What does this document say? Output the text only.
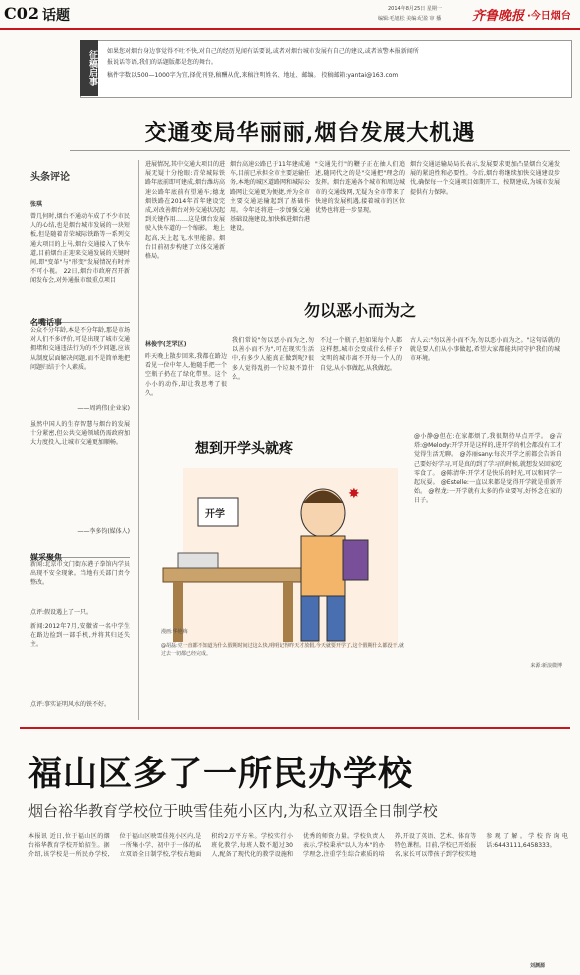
C02 话题	2014年8月25日 星期一
编辑:毛旭松 美编:纪盈 审 播	齐鲁晚报 ·今日烟台
征稿启事 如果您对烟台身边事觉得不吐不快,对自己的经历见闻有话要说,或者对烟台城市发展有自己的建议,或者该警本报新闻所
报说话等语,我们的话题版都是您的舞台。
稿件字数以500—1000字为宜,择优刊登,稿酬从优,来稿注明姓名、地址、邮编。 投稿邮箱:yantai@163.com
交通变局华丽丽,烟台发展大机遇
头条评论
张琪
曾几何时,烟台不通动车成了不少市民人的心结,也是烟台城市发展的一块短板,但是随着青荣城际铁路等一系列交通大项目的上马,烟台交通接入了快车道,目前烟台正迎来交通发展的关键时间,即"变革"与"形变"发展情况有时并不可小视。 22日,烟台市政府召开新闻发布会,对外通报市级重点项目
名嘴话事
公众不分年龄,本是不分年龄,那是市场对人们不多评价,可是出现了城市交通拥堵和交通违法行为的不少问题,应该从制度层面解决问题,而不是简单地把问题归结于个人素质。
——周鸿伟(企业家)
虽然中国人的生存智慧与烟台的发展十分紧密,但公共交通领域仍需政府加大力度投入,让城市交通更加顺畅。
——李多钧(媒体人)
媒采聚焦
新闻:北京市文门街东港子拳馆内学员出现不安全现象。当地有关部门责令整改。
点评:假设遇上了一只。
新闻:2012年7月,安徽省一名中学生在路边捡到一部手机,并将其归还失主。
点评:事实证明风水的铁不好。
进展情况,其中交通大项目的进展无疑十分抢眼:青荣城际铁路年底前即可建成,烟台潍坊高速公路年底前有望通车;德龙烟铁路在2014年首年建设完成,对改善烟台对外交通状况起到关键作用……这是烟台发展驶入快车道的一个缩影。 地上起高,天上起飞,水里能游。烟台目前初步构建了立体交通新格局。
烟台高速公路已于11年建成通车,目前已承担全市主要运输任务,本地的城区道路网和城际公路网让交通更为便捷,并为全市主要交通运输起到了基础作用。今年还将进一步加强交通基础设施建设,加快推进烟台港建设。
"交通先行"的鞭子正在抽人们追述,随同代之的是"交通把"理念的发挥。烟台连通各个城市和周边城市的交通线网,无疑为全市带来了快速的发展机遇,接着城市的区位优势也将进一步显现。
烟台交通运输局局长表示,发展要求更加凸显烟台交通发展的紧迫性和必要性。今后,烟台将继续加快交通建设步伐,确保每一个交通项目如期开工、按期建成,为城市发展提供有力保障。
勿以恶小而为之
林俊宇(芝罘区)
昨天晚上散步回来,我都在路边看见一位中年人,他随手把一个空瓶子扔在了绿化带里。这个小小的动作,却让我思考了很久。
我们常说"勿以恶小而为之,勿以善小而不为",可在现实生活中,有多少人能真正做到呢?很多人觉得乱扔一个垃圾不算什么。
不过一个瓶子,但如果每个人都这样想,城市会变成什么样子?文明的城市离不开每一个人的自觉,从小事做起,从我做起。
古人云:"勿以善小而不为,勿以恶小而为之。"这句话就的就是要人们从小事做起,希望大家都能共同守护我们的城市环境。
想到开学头就疼
开学
✸
漫画:华艳梅
@胡磊:党一直都不知道为什么假期时间过这么快,明明记得昨天才放假,今天就要开学了,这个假期什么都没干,就过去一切都已经完成。
@小静@但在:在家都烦了,我很期待早点开学。 @吉塔:@Melody:开学开是这样的,进开学的机会都没有工才觉得生活无聊。 @苏丽sany:每次开学之前都会告诉自己要好好学习,可是真的到了学习的时候,就想发呆回家吃零食了。 @陈清华:开学才是快乐的时光,可以和同学一起玩耍。 @Estelle:一直以来都是觉得开学就是重新开始。 @程龙:一开学就有太多的作业要写,好怀念在家的日子。
来源:新浪微博
福山区多了一所民办学校
烟台裕华教育学校位于映雪佳苑小区内,为私立双语全日制学校
本报讯 近日,位于福山区的烟台裕华教育学校开始招生。据介绍,该学校是一所民办学校,位于福山区映雪佳苑小区内,是一所集小学、初中于一体的私立双语全日制学校,学校占地面积约2万平方米。学校实行小班化教学,每班人数不超过30人,配备了现代化的教学设施和优秀的师资力量。学校负责人表示,学校秉承"以人为本"的办学理念,注重学生综合素质的培养,开设了英语、艺术、体育等特色课程。目前,学校已开始报名,家长可以带孩子到学校实地参观了解。学校咨询电话:6443111,6458333。
刘渊源
